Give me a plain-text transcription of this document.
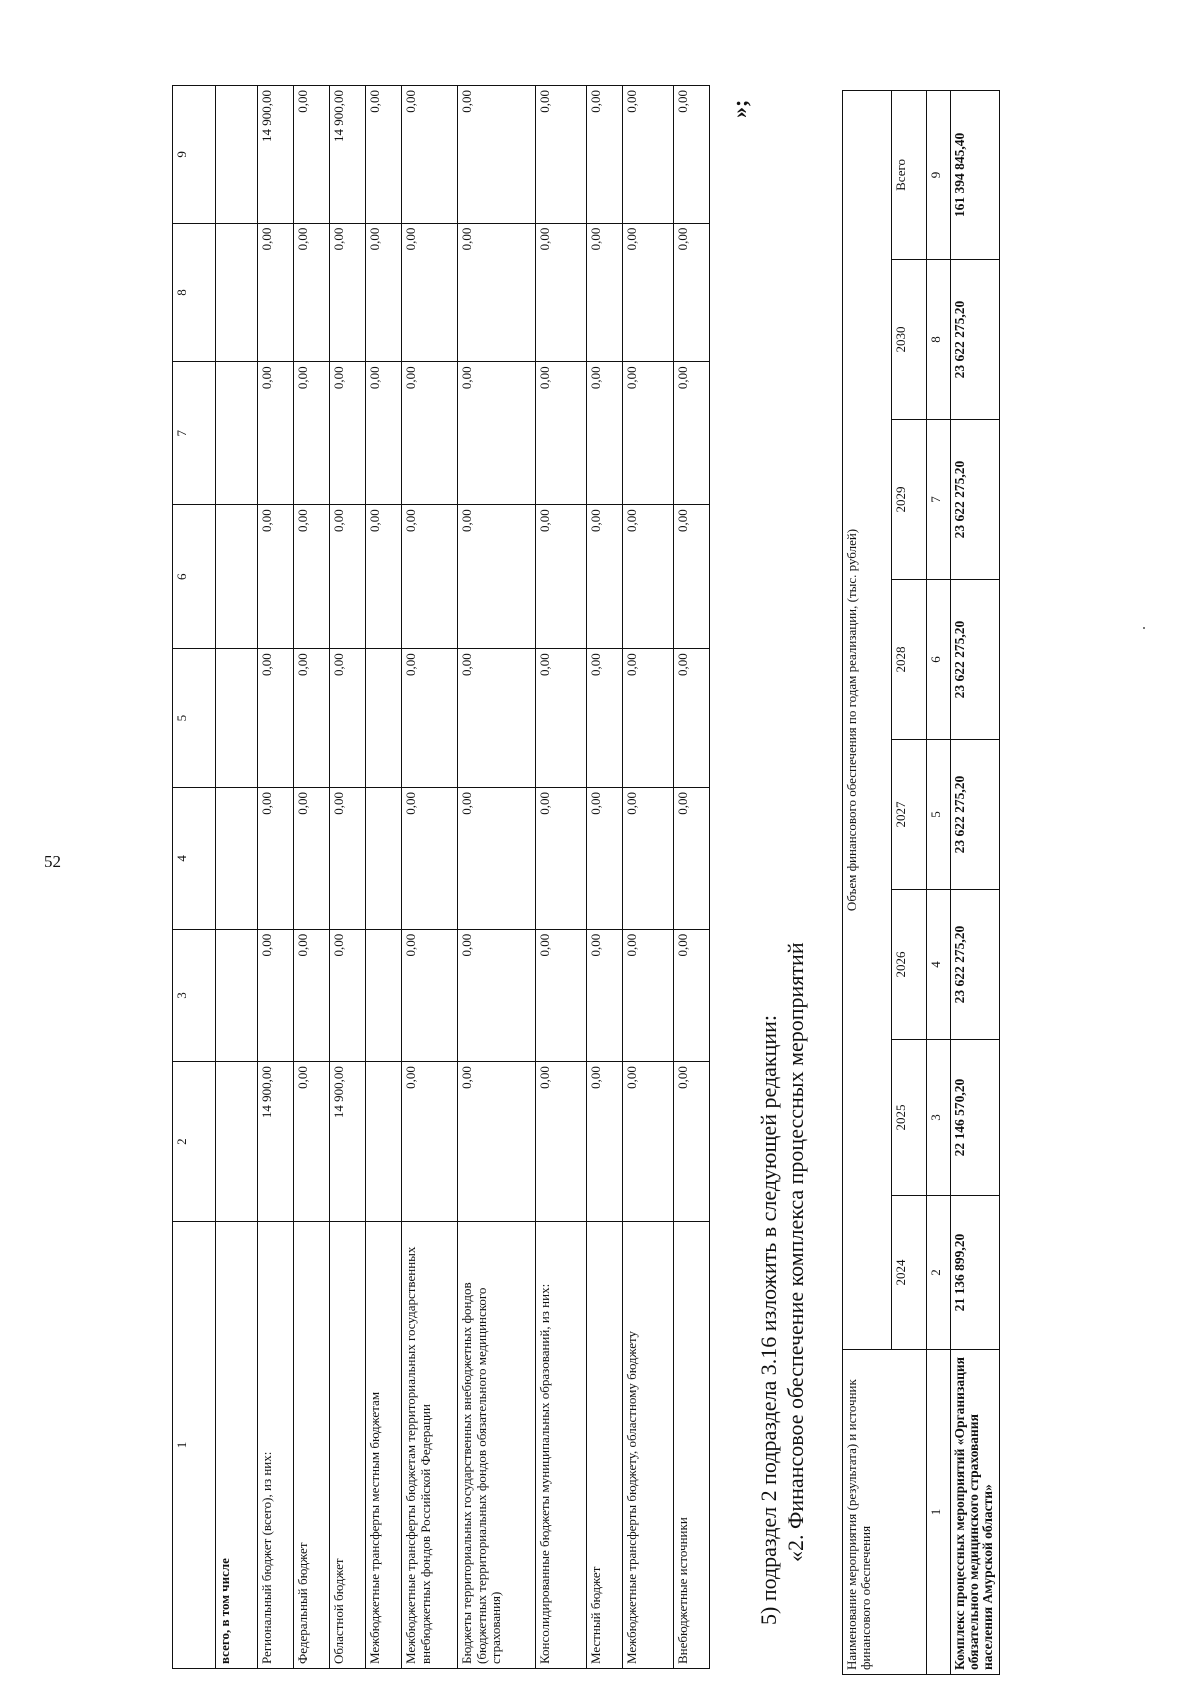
52
1	2	3	4	5	6	7	8	9
всего, в том числе								
Региональный бюджет (всего), из них:	14 900,00	0,00	0,00	0,00	0,00	0,00	0,00	14 900,00
Федеральный бюджет	0,00	0,00	0,00	0,00	0,00	0,00	0,00	0,00
Областной бюджет	14 900,00	0,00	0,00	0,00	0,00	0,00	0,00	14 900,00
Межбюджетные трансферты местным бюджетам					0,00	0,00	0,00	0,00
Межбюджетные трансферты бюджетам территориальных государственных внебюджетных фондов Российской Федерации	0,00	0,00	0,00	0,00	0,00	0,00	0,00	0,00
Бюджеты территориальных государственных внебюджетных фондов (бюджетных территориальных фондов обязательного медицинского страхования)	0,00	0,00	0,00	0,00	0,00	0,00	0,00	0,00
Консолидированные бюджеты муниципальных образований, из них:	0,00	0,00	0,00	0,00	0,00	0,00	0,00	0,00
Местный бюджет	0,00	0,00	0,00	0,00	0,00	0,00	0,00	0,00
Межбюджетные трансферты бюджету, областному бюджету	0,00	0,00	0,00	0,00	0,00	0,00	0,00	0,00
Внебюджетные источники	0,00	0,00	0,00	0,00	0,00	0,00	0,00	0,00 »;
5) подраздел 2 подраздела 3.16 изложить в следующей редакции: «2. Финансовое обеспечение комплекса процессных мероприятий	Наименование мероприятия (результата) и источник финансового обеспечения	Объем финансового обеспечения по годам реализации, (тыс. рублей)							
	2024	2025	2026	2027	2028	2029	2030	Всего
1	2	3	4	5	6	7	8	9
Комплекс процессных мероприятий «Организация обязательного медицинского страхования населения Амурской области»	21 136 899,20	22 146 570,20	23 622 275,20	23 622 275,20	23 622 275,20	23 622 275,20	23 622 275,20	161 394 845,40
